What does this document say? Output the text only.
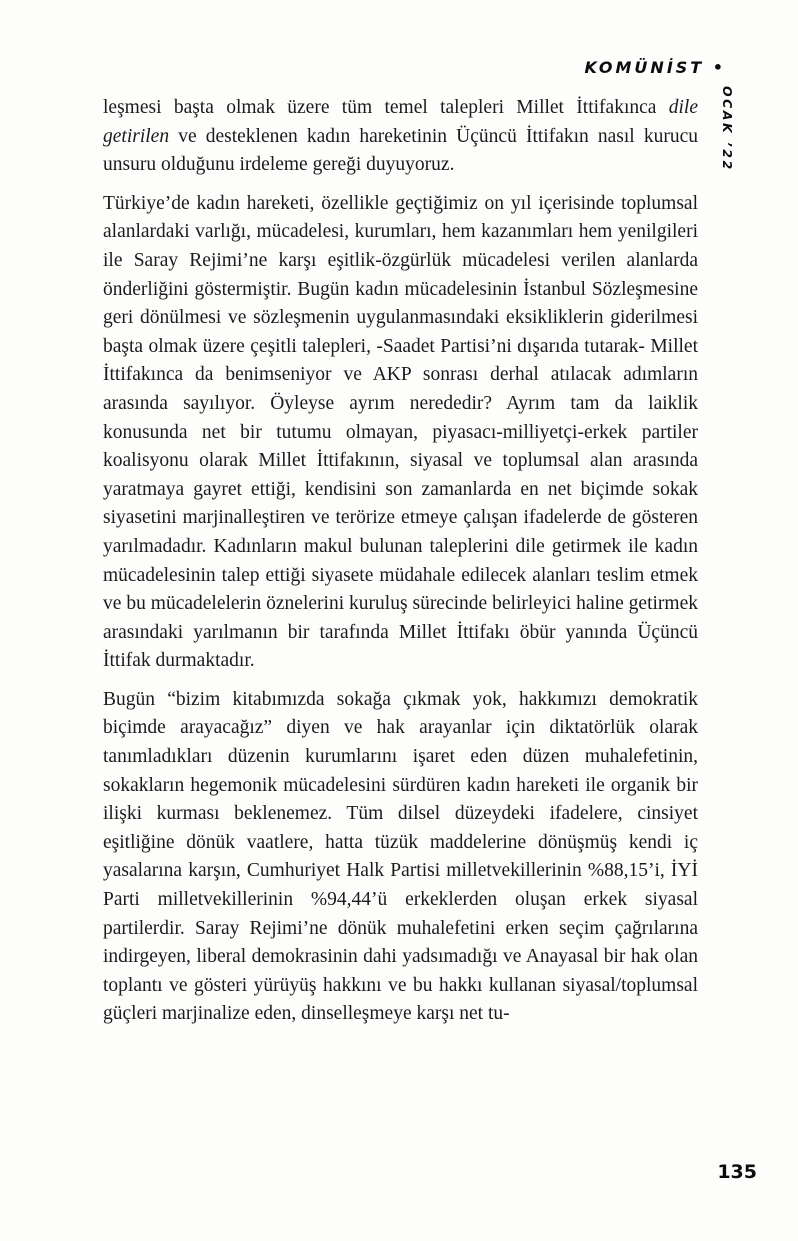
KOMÜNİST •
OCAK ’22

leşmesi başta olmak üzere tüm temel talepleri Millet İttifakınca dile getirilen ve desteklenen kadın hareketinin Üçüncü İttifakın nasıl kurucu unsuru olduğunu irdeleme gereği duyuyoruz.

Türkiye’de kadın hareketi, özellikle geçtiğimiz on yıl içerisinde toplumsal alanlardaki varlığı, mücadelesi, kurumları, hem kazanımları hem yenilgileri ile Saray Rejimi’ne karşı eşitlik-özgürlük mücadelesi verilen alanlarda önderliğini göstermiştir. Bugün kadın mücadelesinin İstanbul Sözleşmesine geri dönülmesi ve sözleşmenin uygulanmasındaki eksikliklerin giderilmesi başta olmak üzere çeşitli talepleri, -Saadet Partisi’ni dışarıda tutarak- Millet İttifakınca da benimseniyor ve AKP sonrası derhal atılacak adımların arasında sayılıyor. Öyleyse ayrım nerededir? Ayrım tam da laiklik konusunda net bir tutumu olmayan, piyasacı-milliyetçi-erkek partiler koalisyonu olarak Millet İttifakının, siyasal ve toplumsal alan arasında yaratmaya gayret ettiği, kendisini son zamanlarda en net biçimde sokak siyasetini marjinalleştiren ve terörize etmeye çalışan ifadelerde de gösteren yarılmadadır. Kadınların makul bulunan taleplerini dile getirmek ile kadın mücadelesinin talep ettiği siyasete müdahale edilecek alanları teslim etmek ve bu mücadelelerin öznelerini kuruluş sürecinde belirleyici haline getirmek arasındaki yarılmanın bir tarafında Millet İttifakı öbür yanında Üçüncü İttifak durmaktadır.

Bugün “bizim kitabımızda sokağa çıkmak yok, hakkımızı demokratik biçimde arayacağız” diyen ve hak arayanlar için diktatörlük olarak tanımladıkları düzenin kurumlarını işaret eden düzen muhalefetinin, sokakların hegemonik mücadelesini sürdüren kadın hareketi ile organik bir ilişki kurması beklenemez. Tüm dilsel düzeydeki ifadelere, cinsiyet eşitliğine dönük vaatlere, hatta tüzük maddelerine dönüşmüş kendi iç yasalarına karşın, Cumhuriyet Halk Partisi milletvekillerinin %88,15’i, İYİ Parti milletvekillerinin %94,44’ü erkeklerden oluşan erkek siyasal partilerdir. Saray Rejimi’ne dönük muhalefetini erken seçim çağrılarına indirgeyen, liberal demokrasinin dahi yadsımadığı ve Anayasal bir hak olan toplantı ve gösteri yürüyüş hakkını ve bu hakkı kullanan siyasal/toplumsal güçleri marjinalize eden, dinselleşmeye karşı net tu-

135
